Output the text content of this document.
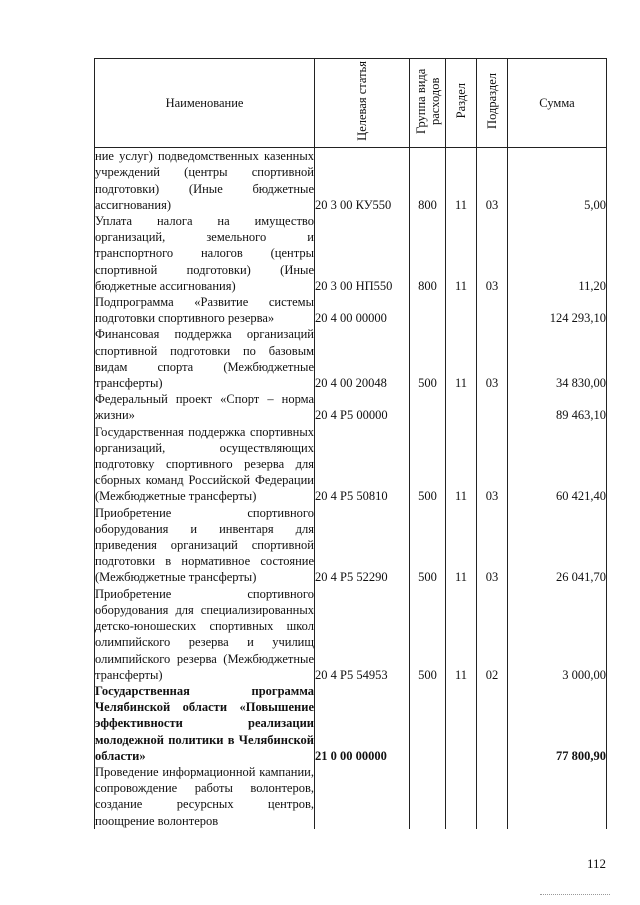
Наименование	Целевая статья	Группа вида расходов	Раздел	Подраздел	Сумма
ние услуг) подведомственных казенных учреждений (центры спортивной подготовки) (Иные бюджетные ассигнования)	20 3 00 КУ550	800	11	03	5,00
Уплата налога на имущество организаций, земельного и транспортного налогов (центры спортивной подготовки) (Иные бюджетные ассигнования)	20 3 00 НП550	800	11	03	11,20
Подпрограмма «Развитие системы подготовки спортивного резерва»	20 4 00 00000				124 293,10
Финансовая поддержка организаций спортивной подготовки по базовым видам спорта (Межбюджетные трансферты)	20 4 00 20048	500	11	03	34 830,00
Федеральный проект «Спорт – норма жизни»	20 4 P5 00000				89 463,10
Государственная поддержка спортивных организаций, осуществляющих подготовку спортивного резерва для сборных команд Российской Федерации (Межбюджетные трансферты)	20 4 P5 50810	500	11	03	60 421,40
Приобретение спортивного оборудования и инвентаря для приведения организаций спортивной подготовки в нормативное состояние (Межбюджетные трансферты)	20 4 P5 52290	500	11	03	26 041,70
Приобретение спортивного оборудования для специализированных детско-юношеских спортивных школ олимпийского резерва и училищ олимпийского резерва (Межбюджетные трансферты)	20 4 P5 54953	500	11	02	3 000,00
Государственная программа Челябинской области «Повышение эффективности реализации молодежной политики в Челябинской области»	21 0 00 00000				77 800,90
Проведение информационной кампании, сопровождение работы волонтеров, создание ресурсных центров, поощрение волонтеров					
112
